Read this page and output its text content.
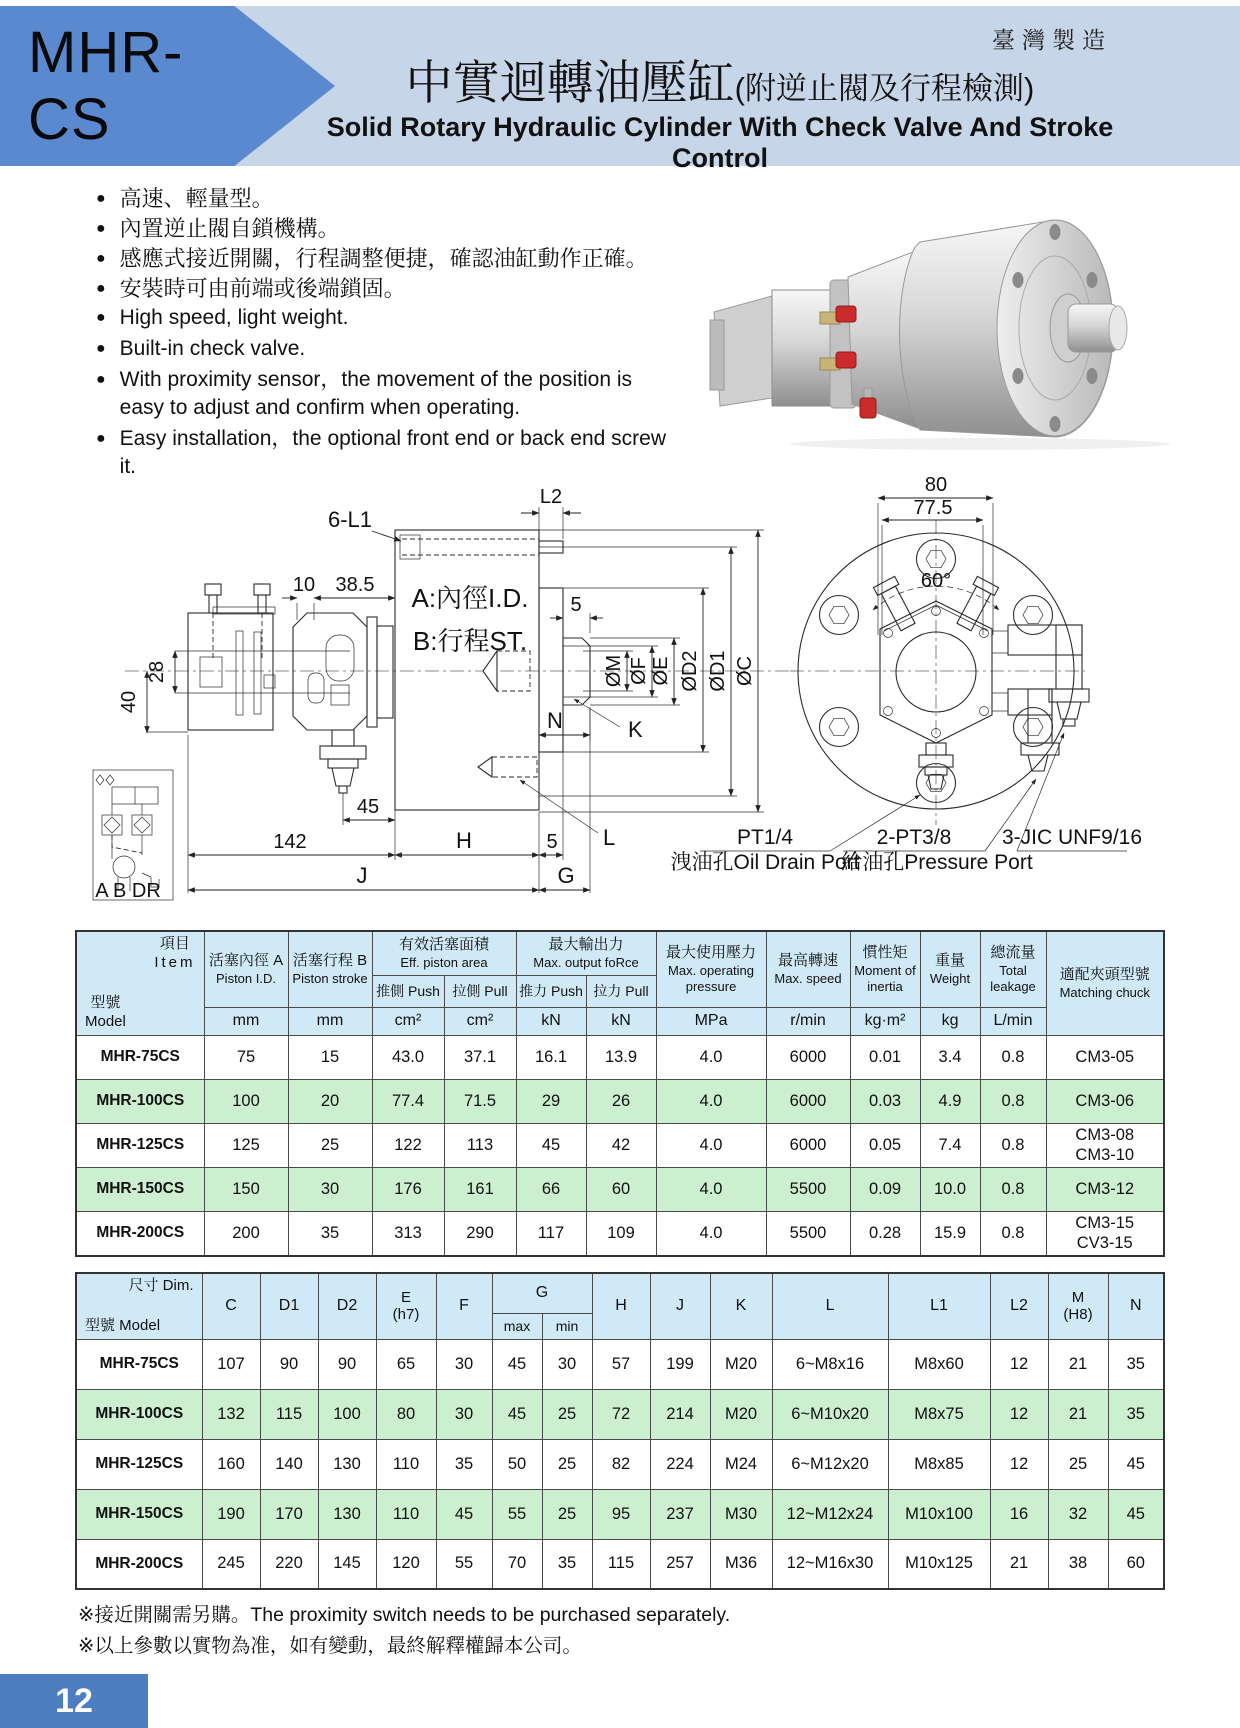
MHR-CS
臺灣製造
中實迴轉油壓缸(附逆止閥及行程檢測)
Solid Rotary Hydraulic Cylinder With Check Valve And Stroke Control
● 高速、輕量型。
● 內置逆止閥自鎖機構。
● 感應式接近開關，行程調整便捷，確認油缸動作正確。
● 安裝時可由前端或後端鎖固。
● High speed, light weight.
● Built-in check valve.
● With proximity sensor，the movement of the position is easy to adjust and confirm when operating.
● Easy installation，the optional front end or back end screw it.
A:內徑I.D.
B:行程ST.
A B DR
6-L1
L2
10 38.5
5
28
40
45
142	H	5
J	G
N	K
L
ØM ØF ØE ØD2 ØD1 ØC
60°
80
77.5
PT1/4
洩油孔Oil Drain Port
2-PT3/8
給油孔Pressure Port
3-JIC UNF9/16
項目
Item
型號
Model

活塞內徑 A
Piston I.D.

活塞行程 B
Piston stroke

有效活塞面積
Eff. piston area

最大輸出力
Max. output foRce

最大使用壓力
Max. operating pressure

最高轉速
Max. speed

慣性矩
Moment of inertia

重量
Weight

總流量
Total leakage

適配夾頭型號
Matching chuck

			推側 Push	拉側 Pull	推力 Push	拉力 Pull						
	mm	mm	cm²	cm²	kN	kN	MPa	r/min	kg·m²	kg	L/min	
MHR-75CS	75	15	43.0	37.1	16.1	13.9	4.0	6000	0.01	3.4	0.8	CM3-05

MHR-100CS	100	20	77.4	71.5	29	26	4.0	6000	0.03	4.9	0.8	CM3-06

MHR-125CS	125	25	122	113	45	42	4.0	6000	0.05	7.4	0.8	CM3-08
CM3-10

MHR-150CS	150	30	176	161	66	60	4.0	5500	0.09	10.0	0.8	CM3-12

MHR-200CS	200	35	313	290	117	109	4.0	5500	0.28	15.9	0.8	CM3-15
CV3-15
尺寸 Dim.
型號 Model
	C	D1	D2	E
(h7)
	F	G	H	J	K	L	L1	L2	M
(H8)
	N
						max	min								
MHR-75CS	107	90	90	65	30	45	30	57	199	M20	6~M8x16	M8x60	12	21	35
MHR-100CS	132	115	100	80	30	45	25	72	214	M20	6~M10x20	M8x75	12	21	35
MHR-125CS	160	140	130	110	35	50	25	82	224	M24	6~M12x20	M8x85	12	25	45
MHR-150CS	190	170	130	110	45	55	25	95	237	M30	12~M12x24	M10x100	16	32	45
MHR-200CS	245	220	145	120	55	70	35	115	257	M36	12~M16x30	M10x125	21	38	60
※接近開關需另購。The proximity switch needs to be purchased separately.
※以上參數以實物為准，如有變動，最終解釋權歸本公司。
12
